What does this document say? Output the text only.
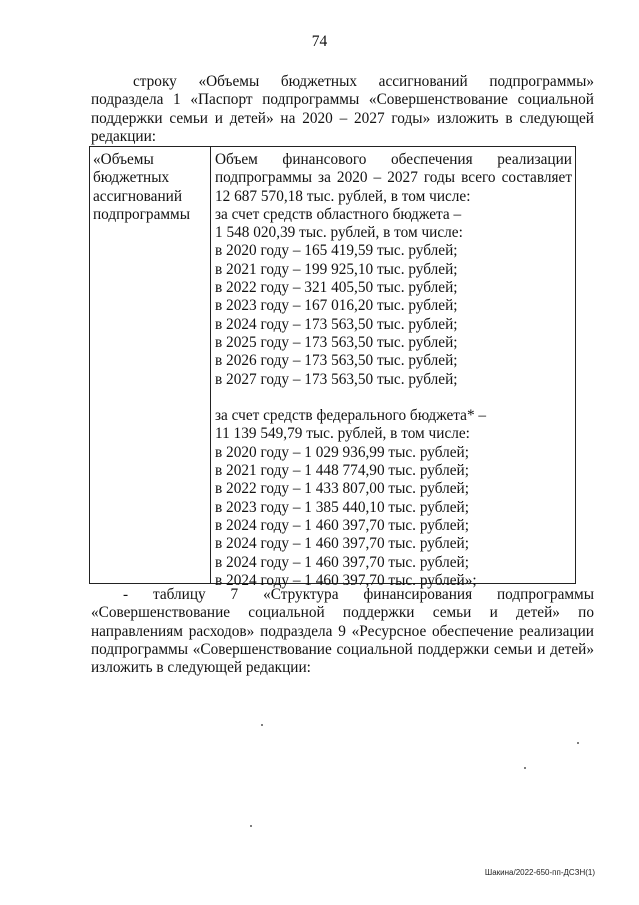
74
строку «Объемы бюджетных ассигнований подпрограммы»
подраздела 1 «Паспорт подпрограммы «Совершенствование социальной
поддержки семьи и детей» на 2020 – 2027 годы» изложить в следующей
редакции:
«Объемы
бюджетных
ассигнований
подпрограммы
Объем финансового обеспечения реализации
подпрограммы за 2020 – 2027 годы всего составляет
12 687 570,18 тыс. рублей, в том числе:
за счет средств областного бюджета –
1 548 020,39 тыс. рублей, в том числе:
в 2020 году – 165 419,59 тыс. рублей;
в 2021 году – 199 925,10 тыс. рублей;
в 2022 году – 321 405,50 тыс. рублей;
в 2023 году – 167 016,20 тыс. рублей;
в 2024 году – 173 563,50 тыс. рублей;
в 2025 году – 173 563,50 тыс. рублей;
в 2026 году – 173 563,50 тыс. рублей;
в 2027 году – 173 563,50 тыс. рублей;
за счет средств федерального бюджета* –
11 139 549,79 тыс. рублей, в том числе:
в 2020 году – 1 029 936,99 тыс. рублей;
в 2021 году – 1 448 774,90 тыс. рублей;
в 2022 году – 1 433 807,00 тыс. рублей;
в 2023 году – 1 385 440,10 тыс. рублей;
в 2024 году – 1 460 397,70 тыс. рублей;
в 2024 году – 1 460 397,70 тыс. рублей;
в 2024 году – 1 460 397,70 тыс. рублей;
в 2024 году – 1 460 397,70 тыс. рублей»;
- таблицу 7 «Структура финансирования подпрограммы
«Совершенствование социальной поддержки семьи и детей» по
направлениям расходов» подраздела 9 «Ресурсное обеспечение реализации
подпрограммы «Совершенствование социальной поддержки семьи и детей»
изложить в следующей редакции:
Шакина/2022-650-пп-ДСЗН(1)
